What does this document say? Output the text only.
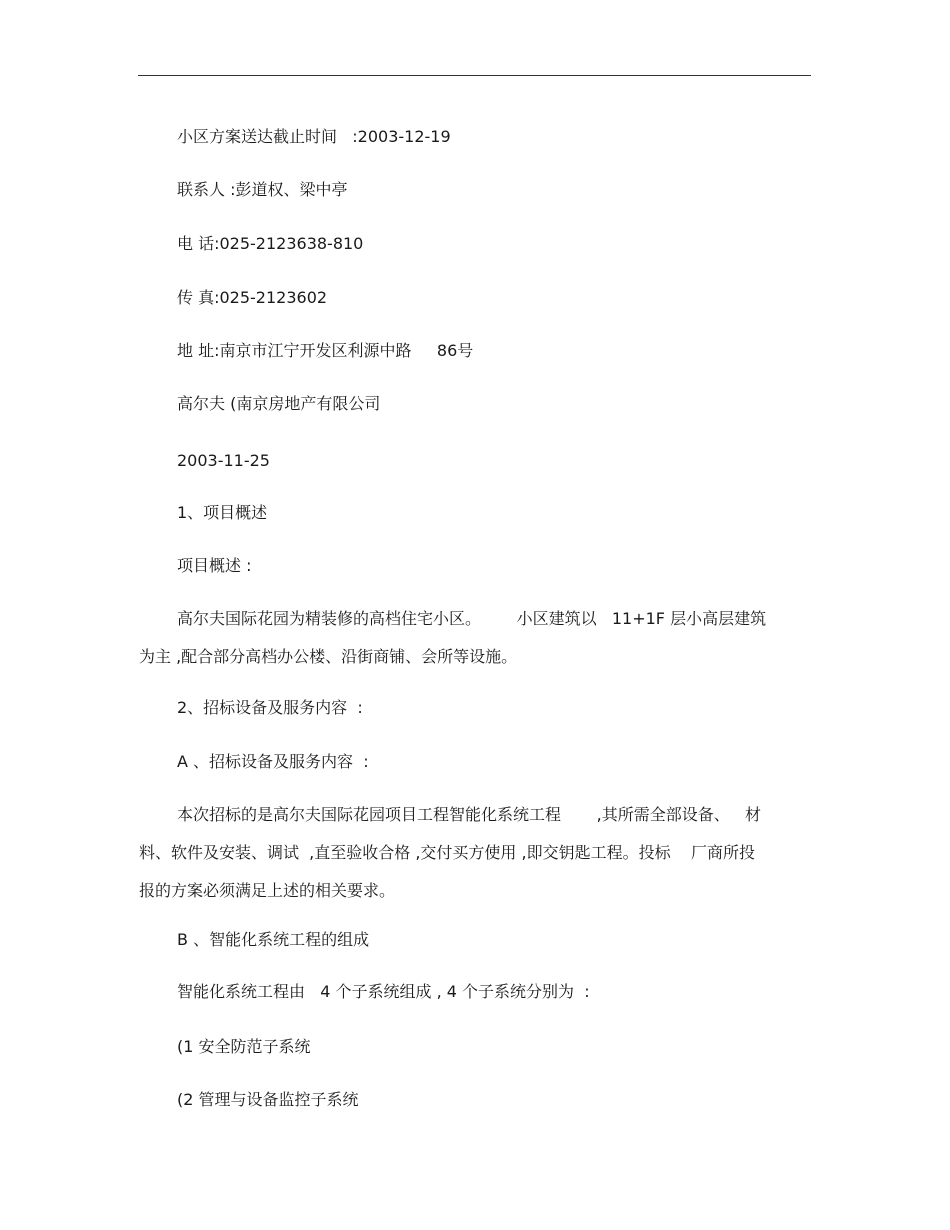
小区方案送达截止时间   :2003-12-19
联系人 :彭道权、梁中亭
电 话:025-2123638-810
传 真:025-2123602
地 址:南京市江宁开发区利源中路     86号
高尔夫 (南京房地产有限公司
2003-11-25
1、项目概述
项目概述 :
高尔夫国际花园为精装修的高档住宅小区。       小区建筑以   11+1F 层小高层建筑
为主 ,配合部分高档办公楼、沿街商铺、会所等设施。
2、招标设备及服务内容  :
A 、招标设备及服务内容  :
本次招标的是高尔夫国际花园项目工程智能化系统工程       ,其所需全部设备、   材
料、软件及安装、调试  ,直至验收合格 ,交付买方使用 ,即交钥匙工程。投标    厂商所投
报的方案必须满足上述的相关要求。
B 、智能化系统工程的组成
智能化系统工程由   4 个子系统组成 , 4 个子系统分别为  :
(1 安全防范子系统
(2 管理与设备监控子系统
